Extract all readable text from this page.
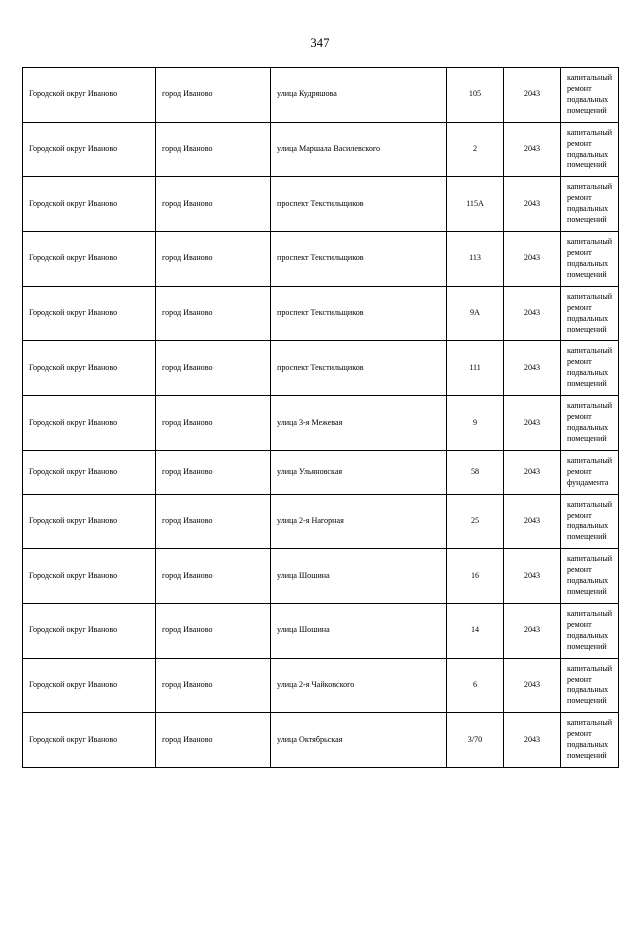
347
Городской округ Иваново	город Иваново	улица Кудряшова	105	2043	капитальный ремонт подвальных помещений
Городской округ Иваново	город Иваново	улица Маршала Василевского	2	2043	капитальный ремонт подвальных помещений
Городской округ Иваново	город Иваново	проспект Текстильщиков	115А	2043	капитальный ремонт подвальных помещений
Городской округ Иваново	город Иваново	проспект Текстильщиков	113	2043	капитальный ремонт подвальных помещений
Городской округ Иваново	город Иваново	проспект Текстильщиков	9А	2043	капитальный ремонт подвальных помещений
Городской округ Иваново	город Иваново	проспект Текстильщиков	111	2043	капитальный ремонт подвальных помещений
Городской округ Иваново	город Иваново	улица 3-я Межевая	9	2043	капитальный ремонт подвальных помещений
Городской округ Иваново	город Иваново	улица Ульяновская	58	2043	капитальный ремонт фундамента
Городской округ Иваново	город Иваново	улица 2-я Нагорная	25	2043	капитальный ремонт подвальных помещений
Городской округ Иваново	город Иваново	улица Шошина	16	2043	капитальный ремонт подвальных помещений
Городской округ Иваново	город Иваново	улица Шошина	14	2043	капитальный ремонт подвальных помещений
Городской округ Иваново	город Иваново	улица 2-я Чайковского	6	2043	капитальный ремонт подвальных помещений
Городской округ Иваново	город Иваново	улица Октябрьская	3/70	2043	капитальный ремонт подвальных помещений
